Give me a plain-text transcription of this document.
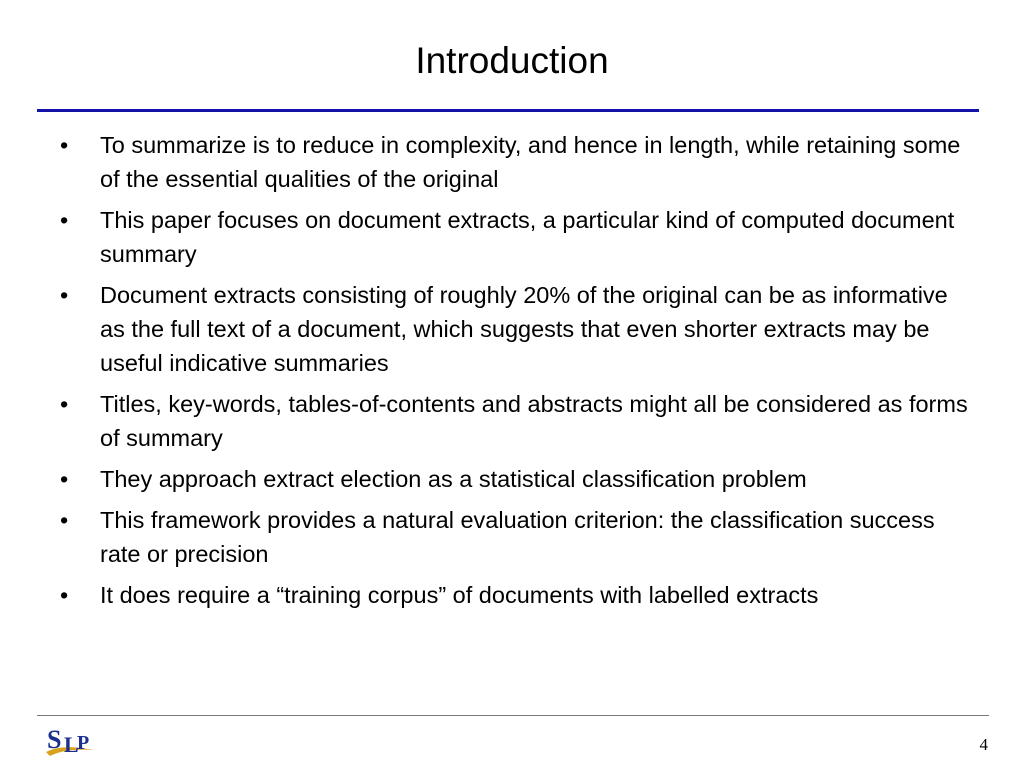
Introduction
•	To summarize is to reduce in complexity, and hence in length, while retaining some of the essential qualities of the original
•	This paper focuses on document extracts, a particular kind of computed document summary
•	Document extracts consisting of roughly 20% of the original can be as informative as the full text of a document, which suggests that even shorter extracts may be useful indicative summaries
•	Titles, key-words, tables-of-contents and abstracts might all be considered as forms of summary
•	They approach extract election as a statistical classification problem
•	This framework provides a natural evaluation criterion: the classification success rate or precision
•	It does require a “training corpus” of documents with labelled extracts
S L
P	4
